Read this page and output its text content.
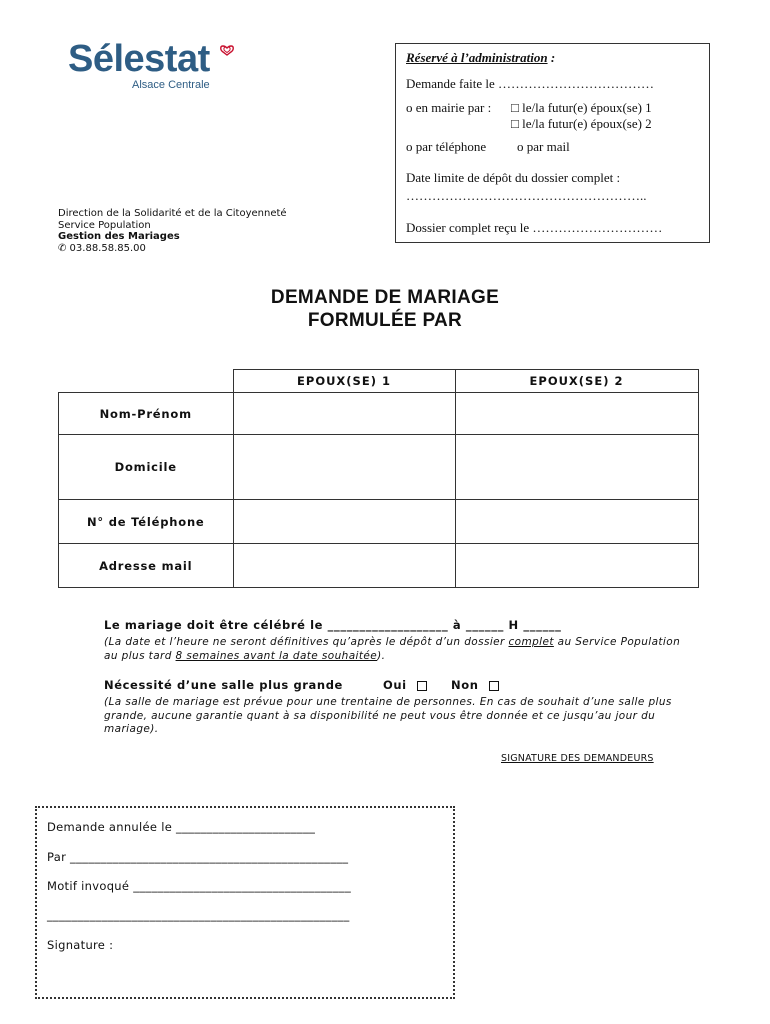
Sélestat
Alsace Centrale
Réservé à l’administration :
Demande faite le ………………………………
o en mairie par : □ le/la futur(e) époux(se) 1
□ le/la futur(e) époux(se) 2
o par téléphone o par mail
Date limite de dépôt du dossier complet :
………………………………………………..
Dossier complet reçu le …………………………
Direction de la Solidarité et de la Citoyenneté
Service Population
Gestion des Mariages
✆ 03.88.58.85.00
DEMANDE DE MARIAGE
FORMULÉE PAR
	EPOUX(SE) 1	EPOUX(SE) 2
Nom-Prénom		
Domicile		
N° de Téléphone		
Adresse mail		
Le mariage doit être célébré le ___________________ à ______ H ______
(La date et l’heure ne seront définitives qu’après le dépôt d’un dossier complet au Service Population
au plus tard 8 semaines avant la date souhaitée).
Nécessité d’une salle plus grande	Oui	Non
(La salle de mariage est prévue pour une trentaine de personnes. En cas de souhait d’une salle plus
grande, aucune garantie quant à sa disponibilité ne peut vous être donnée et ce jusqu’au jour du
mariage).
SIGNATURE DES DEMANDEURS
Demande annulée le _______________________
Par ______________________________________________
Motif invoqué ____________________________________
__________________________________________________
Signature :
